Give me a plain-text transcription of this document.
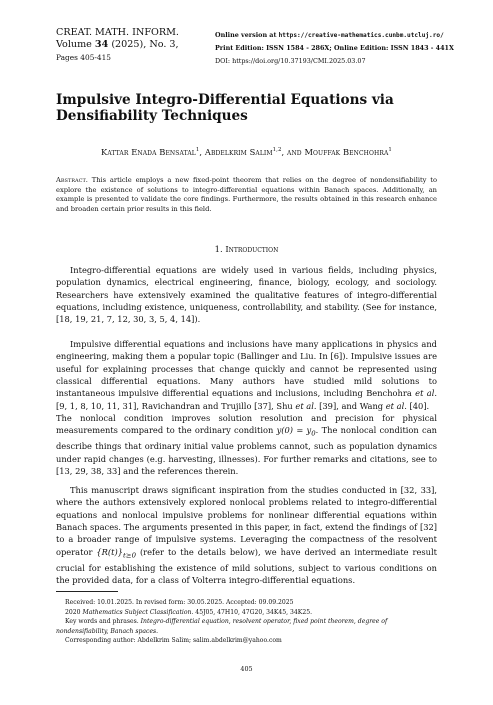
CREAT. MATH. INFORM.
Volume 34 (2025), No. 3,
Pages 405-415
Online version at https://creative-mathematics.cunbm.utcluj.ro/
Print Edition: ISSN 1584 - 286X; Online Edition: ISSN 1843 - 441X
DOI: https://doi.org/10.37193/CMI.2025.03.07
Impulsive Integro-Differential Equations via Densifiability Techniques
Kattar Enada Bensatal$^1$, Abdelkrim Salim$^{1,2}$, and Mouffak Benchohra$^1$
Abstract. This article employs a new fixed-point theorem that relies on the degree of nondensifiability to explore the existence of solutions to integro-differential equations within Banach spaces. Additionally, an example is presented to validate the core findings. Furthermore, the results obtained in this research enhance and broaden certain prior results in this field.
1. Introduction

Integro-differential equations are widely used in various fields, including physics, population dynamics, electrical engineering, finance, biology, ecology, and sociology. Researchers have extensively examined the qualitative features of integro-differential equations, including existence, uniqueness, controllability, and stability. (See for instance, [18, 19, 21, 7, 12, 30, 3, 5, 4, 14]).

Impulsive differential equations and inclusions have many applications in physics and engineering, making them a popular topic (Ballinger and Liu. In [6]). Impulsive issues are useful for explaining processes that change quickly and cannot be represented using classical differential equations. Many authors have studied mild solutions to instantaneous impulsive differential equations and inclusions, including Benchohra et al. [9, 1, 8, 10, 11, 31], Ravichandran and Trujillo [37], Shu et al. [39], and Wang et al. [40].

The nonlocal condition improves solution resolution and precision for physical measurements compared to the ordinary condition $y(0) = y_0$. The nonlocal condition can describe things that ordinary initial value problems cannot, such as population dynamics under rapid changes (e.g. harvesting, illnesses). For further remarks and citations, see to [13, 29, 38, 33] and the references therein.

This manuscript draws significant inspiration from the studies conducted in [32, 33], where the authors extensively explored nonlocal problems related to integro-differential equations and nonlocal impulsive problems for nonlinear differential equations within Banach spaces. The arguments presented in this paper, in fact, extend the findings of [32] to a broader range of impulsive systems. Leveraging the compactness of the resolvent operator $\{R(t)\}_{t\ge 0}$ (refer to the details below), we have derived an intermediate result crucial for establishing the existence of mild solutions, subject to various conditions on the provided data, for a class of Volterra integro-differential equations.

Received: 10.01.2025. In revised form: 30.05.2025. Accepted: 09.09.2025
2020 Mathematics Subject Classification. 45J05, 47H10, 47G20, 34K45, 34K25.
Key words and phrases. Integro-differential equation, resolvent operator, fixed point theorem, degree of nondensifiability, Banach spaces.
Corresponding author: Abdelkrim Salim; salim.abdelkrim@yahoo.com
405
